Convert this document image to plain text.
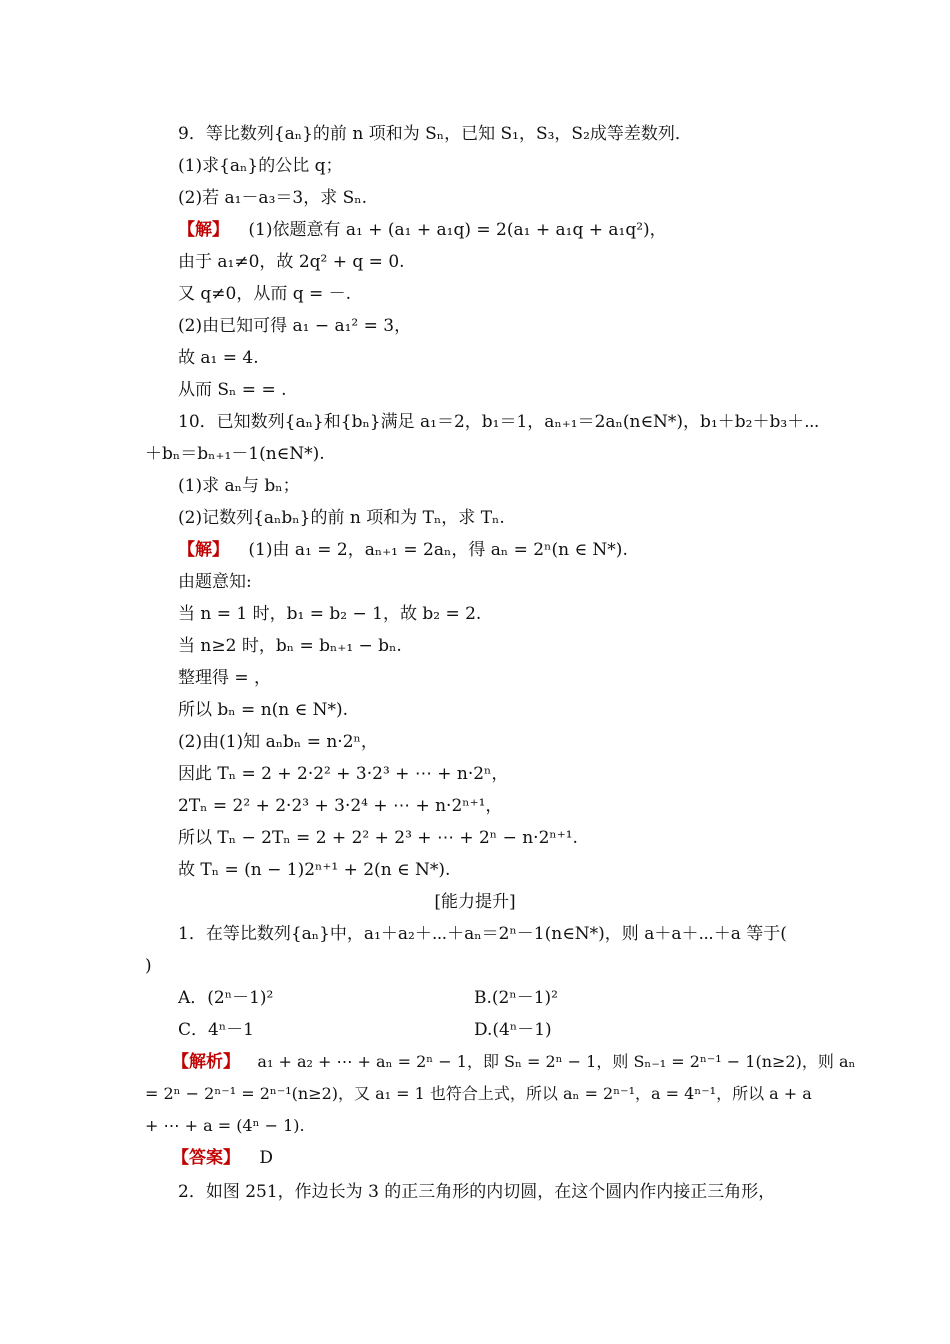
9．等比数列{aₙ}的前 n 项和为 Sₙ，已知 S₁，S₃，S₂成等差数列．
(1)求{aₙ}的公比 q；
(2)若 a₁－a₃＝3，求 Sₙ.
【解】 (1)依题意有 a₁ + (a₁ + a₁q) = 2(a₁ + a₁q + a₁q²)，
由于 a₁≠0，故 2q² + q = 0.
又 q≠0，从而 q = －.
(2)由已知可得 a₁ − a₁² = 3，
故 a₁ = 4.
从而 Sₙ = = .
10．已知数列{aₙ}和{bₙ}满足 a₁＝2，b₁＝1，aₙ₊₁＝2aₙ(n∈N*)，b₁＋b₂＋b₃＋⋯
＋bₙ＝bₙ₊₁－1(n∈N*).
(1)求 aₙ与 bₙ；
(2)记数列{aₙbₙ}的前 n 项和为 Tₙ，求 Tₙ.
【解】 (1)由 a₁ = 2，aₙ₊₁ = 2aₙ，得 aₙ = 2ⁿ(n ∈ N*).
由题意知:
当 n = 1 时，b₁ = b₂ − 1，故 b₂ = 2.
当 n≥2 时，bₙ = bₙ₊₁ − bₙ.
整理得 = ，
所以 bₙ = n(n ∈ N*).
(2)由(1)知 aₙbₙ = n·2ⁿ，
因此 Tₙ = 2 + 2·2² + 3·2³ + ⋯ + n·2ⁿ，
2Tₙ = 2² + 2·2³ + 3·2⁴ + ⋯ + n·2ⁿ⁺¹，
所以 Tₙ − 2Tₙ = 2 + 2² + 2³ + ⋯ + 2ⁿ − n·2ⁿ⁺¹.
故 Tₙ = (n − 1)2ⁿ⁺¹ + 2(n ∈ N*).
[能力提升]
1．在等比数列{aₙ}中，a₁＋a₂＋⋯＋aₙ＝2ⁿ－1(n∈N*)，则 a＋a＋⋯＋a 等于(
)
A．(2ⁿ－1)²	B.(2ⁿ－1)²
C．4ⁿ－1	D.(4ⁿ－1)
【解析】 a₁ + a₂ + ⋯ + aₙ = 2ⁿ − 1，即 Sₙ = 2ⁿ − 1，则 Sₙ₋₁ = 2ⁿ⁻¹ − 1(n≥2)，则 aₙ
= 2ⁿ − 2ⁿ⁻¹ = 2ⁿ⁻¹(n≥2)，又 a₁ = 1 也符合上式，所以 aₙ = 2ⁿ⁻¹，a = 4ⁿ⁻¹，所以 a + a
+ ⋯ + a = (4ⁿ − 1).
【答案】 D
2．如图 251，作边长为 3 的正三角形的内切圆，在这个圆内作内接正三角形，
